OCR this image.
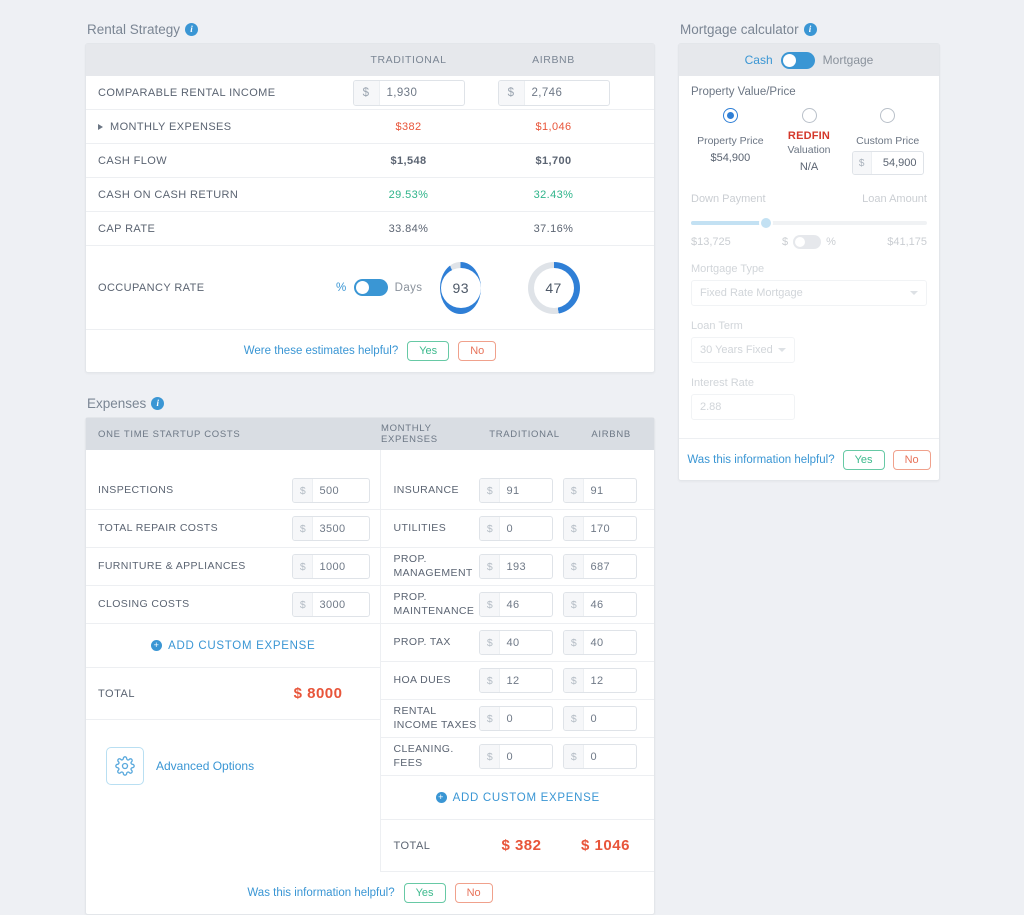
Rental Strategy	i
TRADITIONAL	AIRBNB
COMPARABLE RENTAL INCOME	$	1,930	$	2,746
MONTHLY EXPENSES	$382	$1,046
CASH FLOW	$1,548	$1,700
CASH ON CASH RETURN	29.53%	32.43%
CAP RATE	33.84%	37.16%
OCCUPANCY RATE	%	Days	93	47
Were these estimates helpful?	Yes	No
Expenses	i
ONE TIME STARTUP COSTS	MONTHLY EXPENSES	TRADITIONAL	AIRBNB
INSPECTIONS	$	500
TOTAL REPAIR COSTS	$	3500
FURNITURE & APPLIANCES	$	1000
CLOSING COSTS	$	3000
+ ADD CUSTOM EXPENSE
TOTAL	$ 8000
Advanced Options
INSURANCE	$	91	$	91
UTILITIES	$	0	$	170
PROP. MANAGEMENT	$	193	$	687
PROP. MAINTENANCE	$	46	$	46
PROP. TAX	$	40	$	40
HOA DUES	$	12	$	12
RENTAL INCOME TAXES $	0	$	0
CLEANING. FEES	$	0	$	0
+ ADD CUSTOM EXPENSE
TOTAL	$ 382	$ 1046
Was this information helpful?	Yes	No
Mortgage calculator	i
Cash	Mortgage
Property Value/Price
Property Price
$54,900
REDFIN
Valuation
N/A
Custom Price
$	54,900
Down Payment	Loan Amount
$13,725	$	%	$41,175
Mortgage Type
Fixed Rate Mortgage
Loan Term
30 Years Fixed
Interest Rate
2.88
Was this information helpful?	Yes	No
